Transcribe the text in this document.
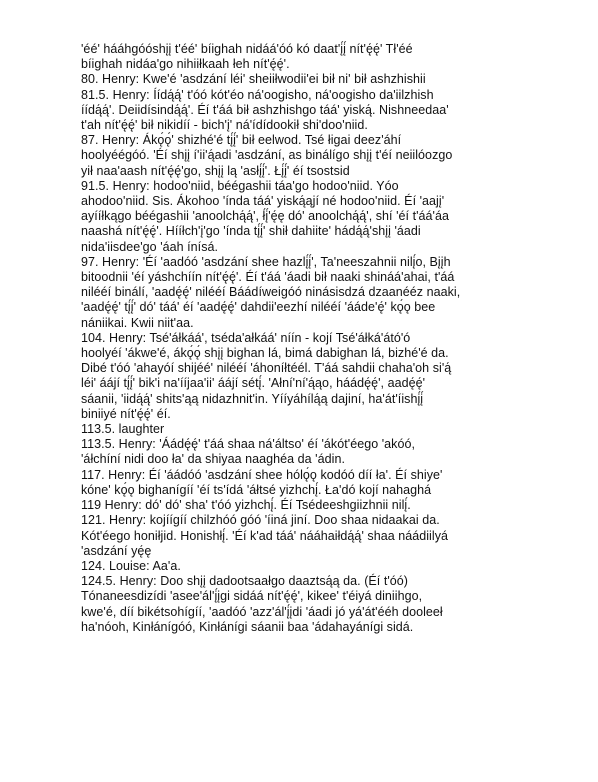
'éé' hááhgóóshįį t'éé' bíighah nidáá'óó kó daat'į́į́ nít'ę́ę́' Tł'éé
bíighah nidáa'go nihiiłkaah łeh nít'ę́ę́'.
80. Henry: Kwe'é 'asdzání léi' sheiiłwodii'ei bił ni' bił ashzhishii
81.5. Henry: Íídą́ą́' t'óó kót'éo ná'oogisho, ná'oogisho da'iilzhish
íídą́ą́'. Deiidísindą́ą́'. Éí t'áá bił ashzhishgo táá' yiską́. Nishneedaa'
t'ah nít'ę́ę́' bił nikidíí - bich'į' ná'ídídookił shi'doo'niid.
87. Henry: Ákǫ́ǫ́' shizhé'é tį́į́' bił eelwod. Tsé łigai deez'áhí
hoolyéégóó. 'Éí shįį í'ii'ą́adi 'asdzání, as binálígo shįį t'éí neiilóozgo
yił naa'aash nít'ę́ę́'go, shįį lą 'asłį́į́'. Łį́į́' éí tsostsid
91.5. Henry: hodoo'niid, béégashii táa'go hodoo'niid. Yóo
ahodoo'niid. Sis. Ákohoo 'índa táá' yiską́ąjí né hodoo'niid. Éí 'aajį'
ayííłkągo béégashii 'anoolchą́ą́', ł́į́'ę́ę dó' anoolchą́ą́', shí 'éí t'áá'áa
naashá nít'ę́ę́'. Hííłch'į'go 'índa tį́į́' shił dahiite' hádą́ą́'shįį 'áadi
nida'iisdee'go 'áah ínísá.
97. Henry: 'Éí 'aadóó 'asdzání shee hazlį́į́', Ta'neeszahnii nilį́o, Bįįh
bitoodnii 'éí yáshchíín nít'ę́ę́'. Éí t'áá 'áadi bił naaki shináá'ahai, t'áá
nilééí binálí, 'aadę́ę́' nilééí Báádíweigóó ninásisdzá dzaanééz naaki,
'aadę́ę́' tį́į́' dó' táá' éí 'aadę́ę́' dahdii'eezhí nilééí 'ááde'ę́' kǫ́ǫ bee
nániikai. Kwii niit'aa.
104. Henry: Tsé'áłkáá', tséda'ałkáá' níín - kojí Tsé'áłká'átó'ó
hoolyéí 'ákwe'é, ákǫ́ǫ́ shįį bighan lá, bimá dabighan lá, bizhé'é da.
Dibé t'óó 'ahayóí shijéé' nilééí 'áhoníłtéél. T'áá sahdii chaha'oh si'ą́
léi' áájí tį́į́' bik'i na'ííjaa'ii' áájí sétį́. 'Ałní'ní'ą́ąo, háádę́ę́', aadę́ę́'
sáanii, 'iidą́ą́' shits'ąą nidazhnit'in. Yííyáhílą́ą dajiní, ha'át'íishį́į́
biniiyé nít'ę́ę́' éí.
113.5. laughter
113.5. Henry: 'Áádę́ę́' t'áá shaa ná'áltso' éí 'ákót'éego 'akóó,
'áłchíní nidi doo ła' da shiyaa naaghéa da 'ádin.
117. Henry: Éí 'áádóó 'asdzání shee hólǫ́ǫ kodóó díí ła'. Éí shiye'
kóne' kǫ́ǫ bighanígíí 'éí ts'ídá 'áłtsé yizhchį́. Ła'dó kojí nahaghá
119 Henry: dó' dó' sha' t'óó yizhchį́. Éí Tsédeeshgiizhnii nilį́.
121. Henry: kojíígíí chilzhóó góó 'íiná jiní. Doo shaa nidaakai da.
Kót'éego honiłjid. Honishłį́. 'Éí k'ad táá' nááhaiłdą́ą́' shaa náádiilyá
'asdzání yę́ę
124. Louise: Aa'a.
124.5. Henry: Doo shįį dadootsaałgo daaztsą́ą da. (Éí t'óó)
Tónaneesdizídi 'asee'ál'į́įgi sidáá nít'ę́ę́', kikee' t'éiyá diniihgo,
kwe'é, díí bikétsohígíí, 'aadóó 'azz'ál'į́įdi 'áadi jó yá'át'ééh dooleeł
ha'nóoh, Kinłánígóó, Kinłánígi sáanii baa 'ádahayánígi sidá.
